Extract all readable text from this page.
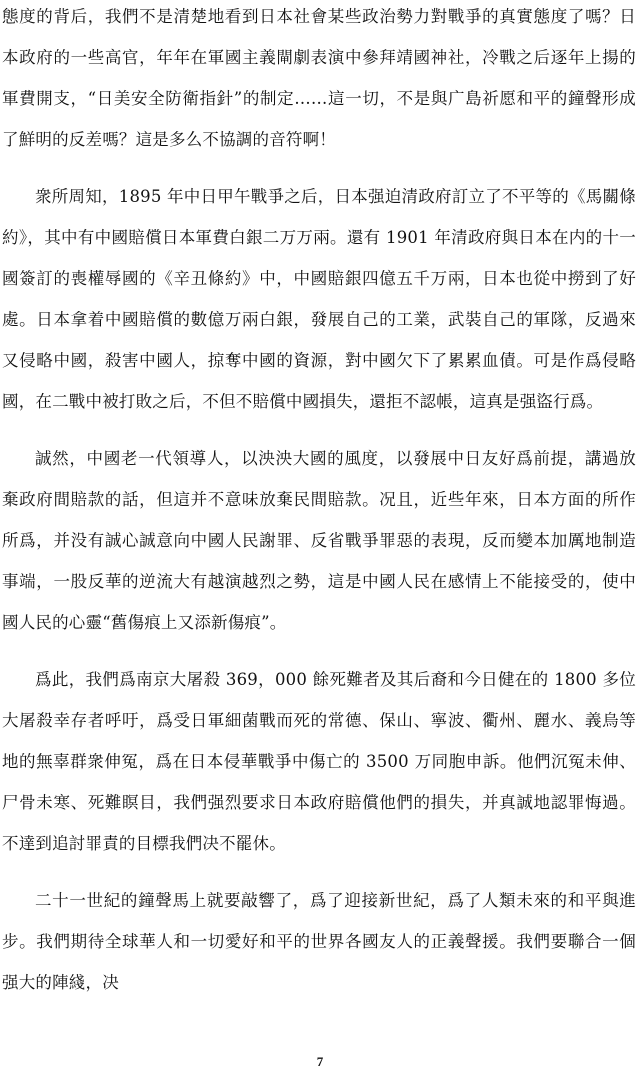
態度的背后，我們不是清楚地看到日本社會某些政治勢力對戰爭的真實態度了嗎？日本政府的一些高官，年年在軍國主義閘劇表演中參拜靖國神社，冷戰之后逐年上揚的軍費開支，“日美安全防衛指針”的制定……這一切，不是與广島祈愿和平的鐘聲形成了鮮明的反差嗎？這是多么不協調的音符啊！

衆所周知，1895 年中日甲午戰爭之后，日本强迫清政府訂立了不平等的《馬關條約》，其中有中國賠償日本軍費白銀二万万兩。還有 1901 年清政府與日本在内的十一國簽訂的喪權辱國的《辛丑條約》中，中國賠銀四億五千万兩，日本也從中撈到了好處。日本拿着中國賠償的數億万兩白銀，發展自己的工業，武裝自己的軍隊，反過來又侵略中國，殺害中國人，掠奪中國的資源，對中國欠下了累累血債。可是作爲侵略國，在二戰中被打敗之后，不但不賠償中國損失，還拒不認帳，這真是强盜行爲。

誠然，中國老一代領導人，以泱泱大國的風度，以發展中日友好爲前提，講過放棄政府間賠款的話，但這并不意味放棄民間賠款。况且，近些年來，日本方面的所作所爲，并没有誠心誠意向中國人民謝罪、反省戰爭罪惡的表現，反而變本加厲地制造事端，一股反華的逆流大有越演越烈之勢，這是中國人民在感情上不能接受的，使中國人民的心靈“舊傷痕上又添新傷痕”。

爲此，我們爲南京大屠殺 369，000 餘死難者及其后裔和今日健在的 1800 多位大屠殺幸存者呼吁，爲受日軍細菌戰而死的常德、保山、寧波、衢州、麗水、義烏等地的無辜群衆伸冤，爲在日本侵華戰爭中傷亡的 3500 万同胞申訴。他們沉冤未伸、尸骨未寒、死難瞑目，我們强烈要求日本政府賠償他們的損失，并真誠地認罪悔過。不達到追討罪責的目標我們决不罷休。

二十一世紀的鐘聲馬上就要敲響了，爲了迎接新世紀，爲了人類未來的和平與進步。我們期待全球華人和一切愛好和平的世界各國友人的正義聲援。我們要聯合一個强大的陣綫，决

7
